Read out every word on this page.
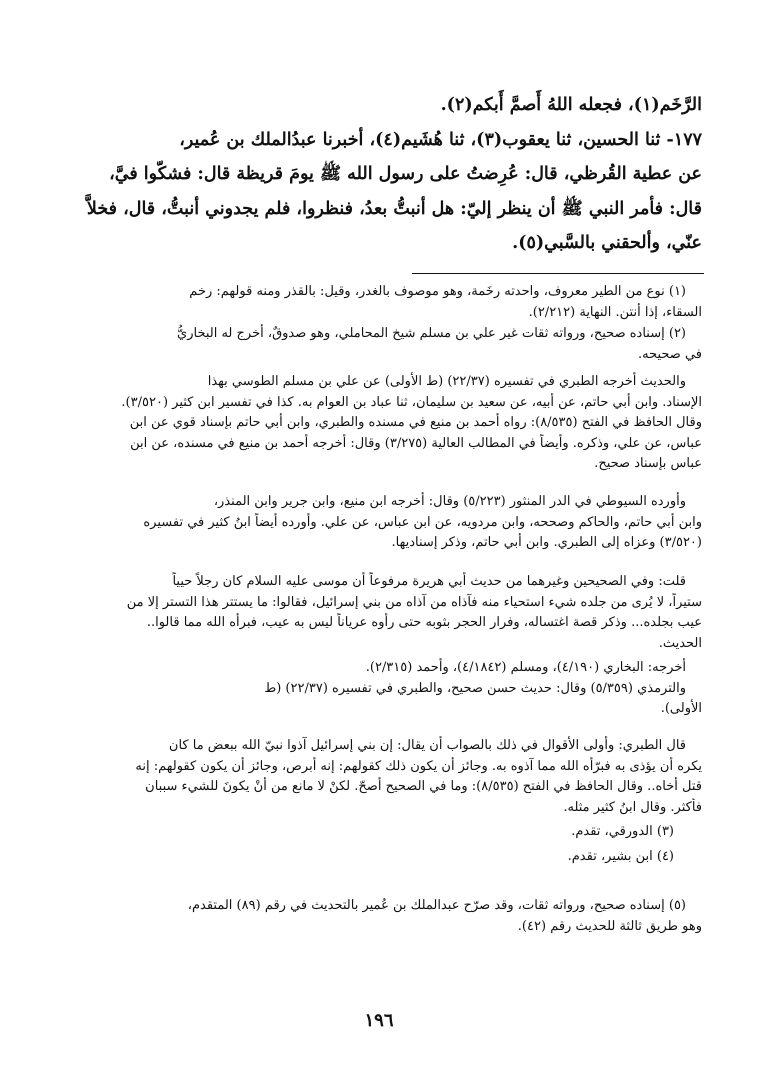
الرَّخَم(١)، فجعله اللهُ أَصمَّ أَبكم(٢).

١٧٧- ثنا الحسين، ثنا يعقوب(٣)، ثنا هُشَيم(٤)، أخبرنا عبدُالملك بن عُمير،

عن عطية القُرظي، قال: عُرِضتُ على رسول الله ﷺ يومَ قريظة قال: فشكّوا فيَّ،

قال: فأمر النبي ﷺ أن ينظر إليّ: هل أنبتُّ بعدُ، فنظروا، فلم يجدوني أنبتُّ، قال، فخلاَّ

عنّي، وألحقني بالسَّبي(٥).

(١) نوع من الطير معروف، واحدته رخَمة، وهو موصوف بالغدر، وقيل: بالقذر ومنه قولهم: رخم

السقاء، إذا أنتن. النهاية (٢/٢١٢).

(٢) إسناده صحيح، ورواته ثقات غير علي بن مسلم شيخ المحاملي، وهو صدوقٌ، أخرج له البخاريُّ

في صحيحه.

والحديث أخرجه الطبري في تفسيره (٢٢/٣٧) (ط الأولى) عن علي بن مسلم الطوسي بهذا

الإسناد. وابن أبي حاتم، عن أبيه، عن سعيد بن سليمان، ثنا عباد بن العوام به. كذا في تفسير ابن كثير (٣/٥٢٠).

وقال الحافظ في الفتح (٨/٥٣٥): رواه أحمد بن منيع في مسنده والطبري، وابن أبي حاتم بإسناد قوي عن ابن

عباس، عن علي، وذكره. وأيضاً في المطالب العالية (٣/٢٧٥) وقال: أخرجه أحمد بن منيع في مسنده، عن ابن

عباس بإسناد صحيح.

وأورده السيوطي في الدر المنثور (٥/٢٢٣) وقال: أخرجه ابن منيع، وابن جرير وابن المنذر،

وابن أبي حاتم، والحاكم وصححه، وابن مردويه، عن ابن عباس، عن علي. وأورده أيضاً ابنُ كثير في تفسيره

(٣/٥٢٠) وعزاه إلى الطبري. وابن أبي حاتم، وذكر إسناديها.

قلت: وفي الصحيحين وغيرهما من حديث أبي هريرة مرفوعاً أن موسى عليه السلام كان رجلاً حيياً

ستيراً، لا يُرى من جلده شيء استحياء منه فآذاه من آذاه من بني إسرائيل، فقالوا: ما يستتر هذا التستر إلا من

عيب بجلده... وذكر قصة اغتساله، وفرار الحجر بثوبه حتى رأوه عرياناً ليس به عيب، فبرأه الله مما قالوا..

الحديث.

أخرجه: البخاري (٤/١٩٠)، ومسلم (٤/١٨٤٢)، وأحمد (٢/٣١٥).

والترمذي (٥/٣٥٩) وقال: حديث حسن صحيح، والطبري في تفسيره (٢٢/٣٧) (ط

الأولى).

قال الطبري: وأولى الأقوال في ذلك بالصواب أن يقال: إن بني إسرائيل آذوا نبيّ الله ببعض ما كان

يكره أن يؤذى به فبرّأه الله مما آذوه به. وجائز أن يكون ذلك كقولهم: إنه أبرص، وجائز أن يكون كقولهم: إنه

قتل أخاه.. وقال الحافظ في الفتح (٨/٥٣٥): وما في الصحيح أصحّ. لكنْ لا مانع من أنْ يكونَ للشيء سببان

فأكثر. وقال ابنُ كثير مثله.

(٣) الدورقي، تقدم.

(٤) ابن بشير، تقدم.

(٥) إسناده صحيح، ورواته ثقات، وقد صرّح عبدالملك بن عُمير بالتحديث في رقم (٨٩) المتقدم،

وهو طريق ثالثة للحديث رقم (٤٢).

١٩٦
